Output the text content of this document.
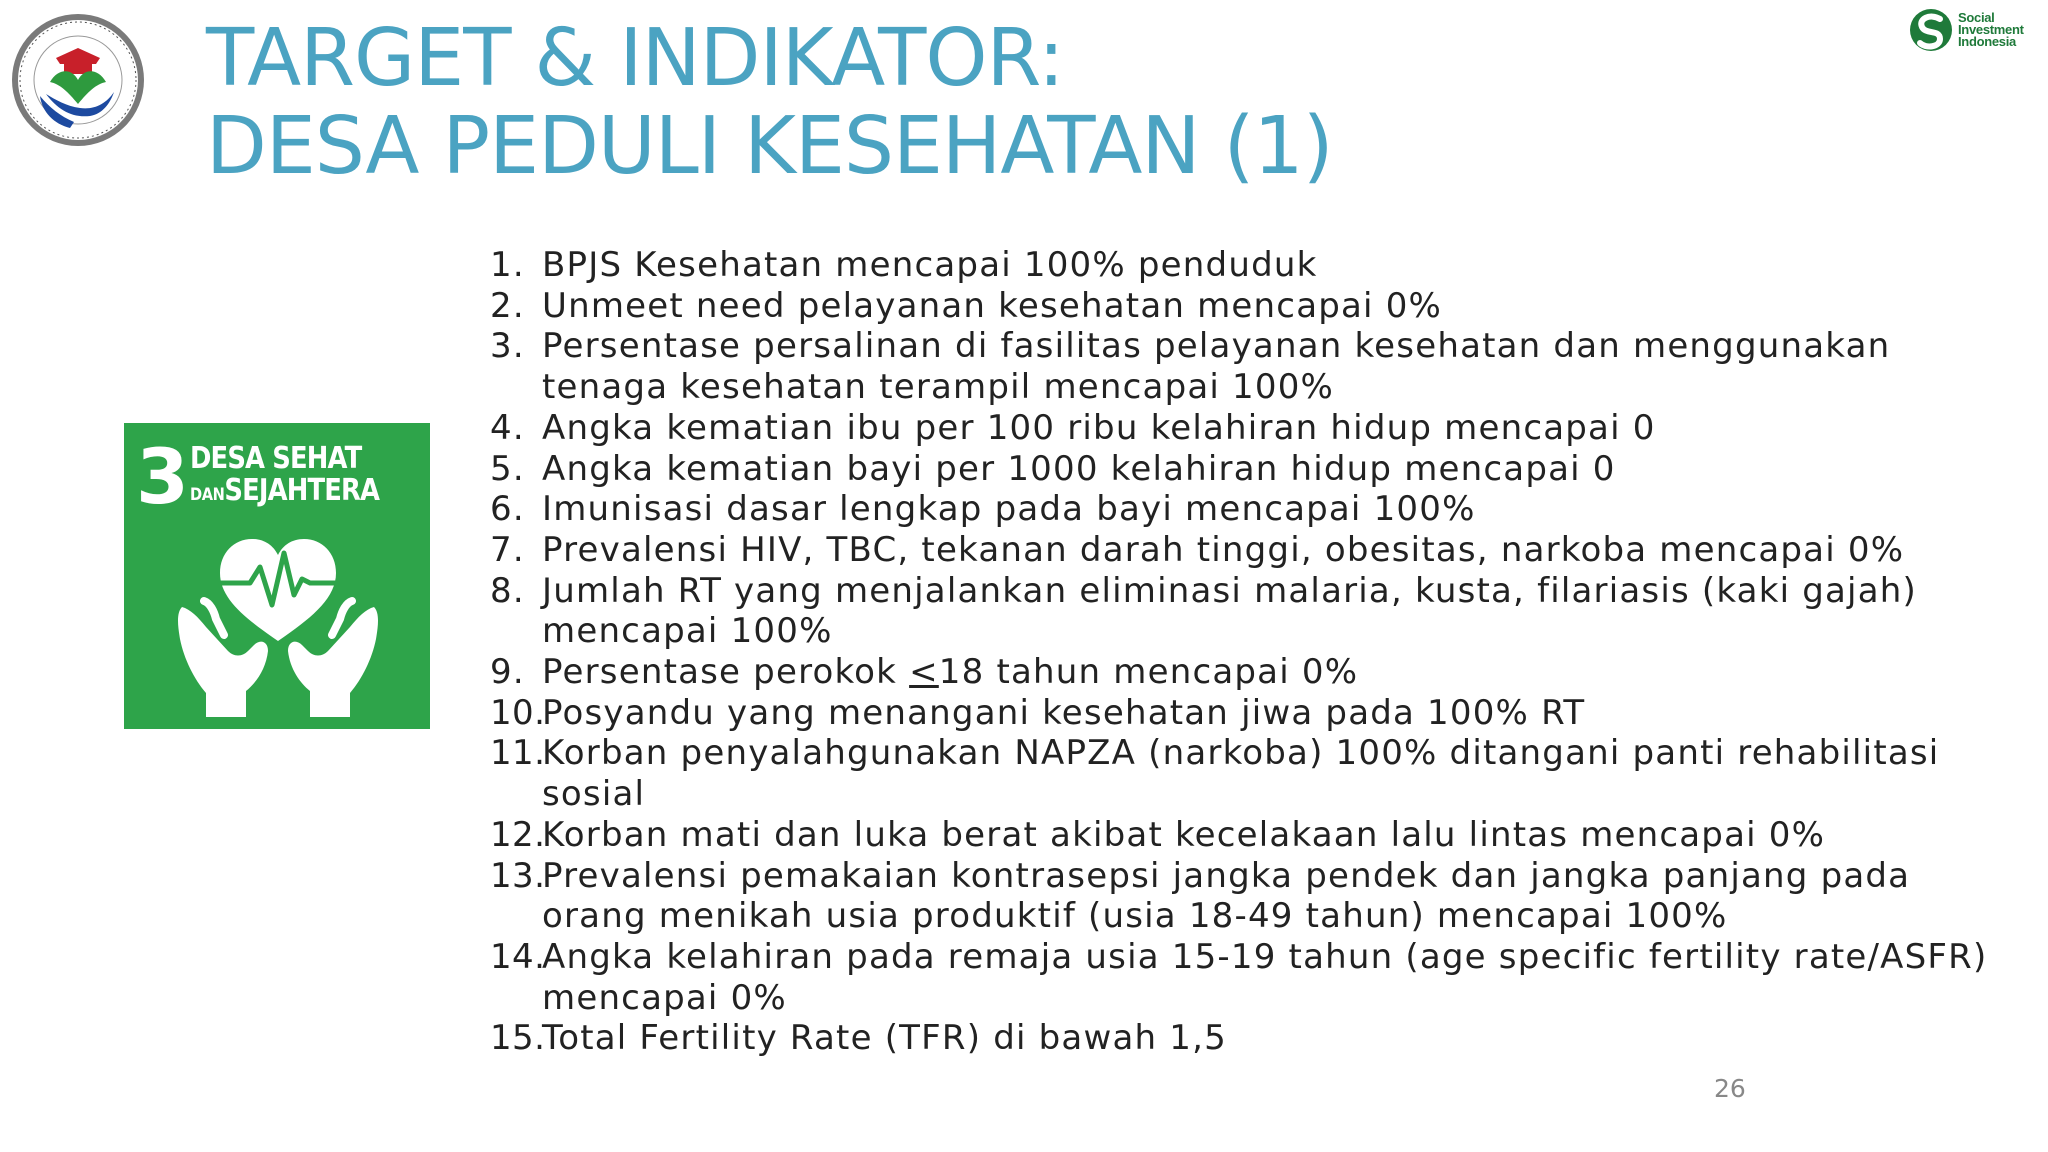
Social
Investment
Indonesia
TARGET & INDIKATOR:
DESA PEDULI KESEHATAN (1)
3 DESA SEHAT
DANSEJAHTERA
1. BPJS Kesehatan mencapai 100% penduduk
2. Unmeet need pelayanan kesehatan mencapai 0%
3. Persentase persalinan di fasilitas pelayanan kesehatan dan menggunakan
tenaga kesehatan terampil mencapai 100%
4. Angka kematian ibu per 100 ribu kelahiran hidup mencapai 0
5. Angka kematian bayi per 1000 kelahiran hidup mencapai 0
6. Imunisasi dasar lengkap pada bayi mencapai 100%
7. Prevalensi HIV, TBC, tekanan darah tinggi, obesitas, narkoba mencapai 0%
8. Jumlah RT yang menjalankan eliminasi malaria, kusta, filariasis (kaki gajah)
mencapai 100%
9. Persentase perokok ≤18 tahun mencapai 0%
10.
Posyandu yang menangani kesehatan jiwa pada 100% RT
11.
Korban penyalahgunakan NAPZA (narkoba) 100% ditangani panti rehabilitasi
sosial
12.
Korban mati dan luka berat akibat kecelakaan lalu lintas mencapai 0%
13.
Prevalensi pemakaian kontrasepsi jangka pendek dan jangka panjang pada
orang menikah usia produktif (usia 18-49 tahun) mencapai 100%
14.
Angka kelahiran pada remaja usia 15-19 tahun (age specific fertility rate/ASFR)
mencapai 0%
15.
Total Fertility Rate (TFR) di bawah 1,5
26
